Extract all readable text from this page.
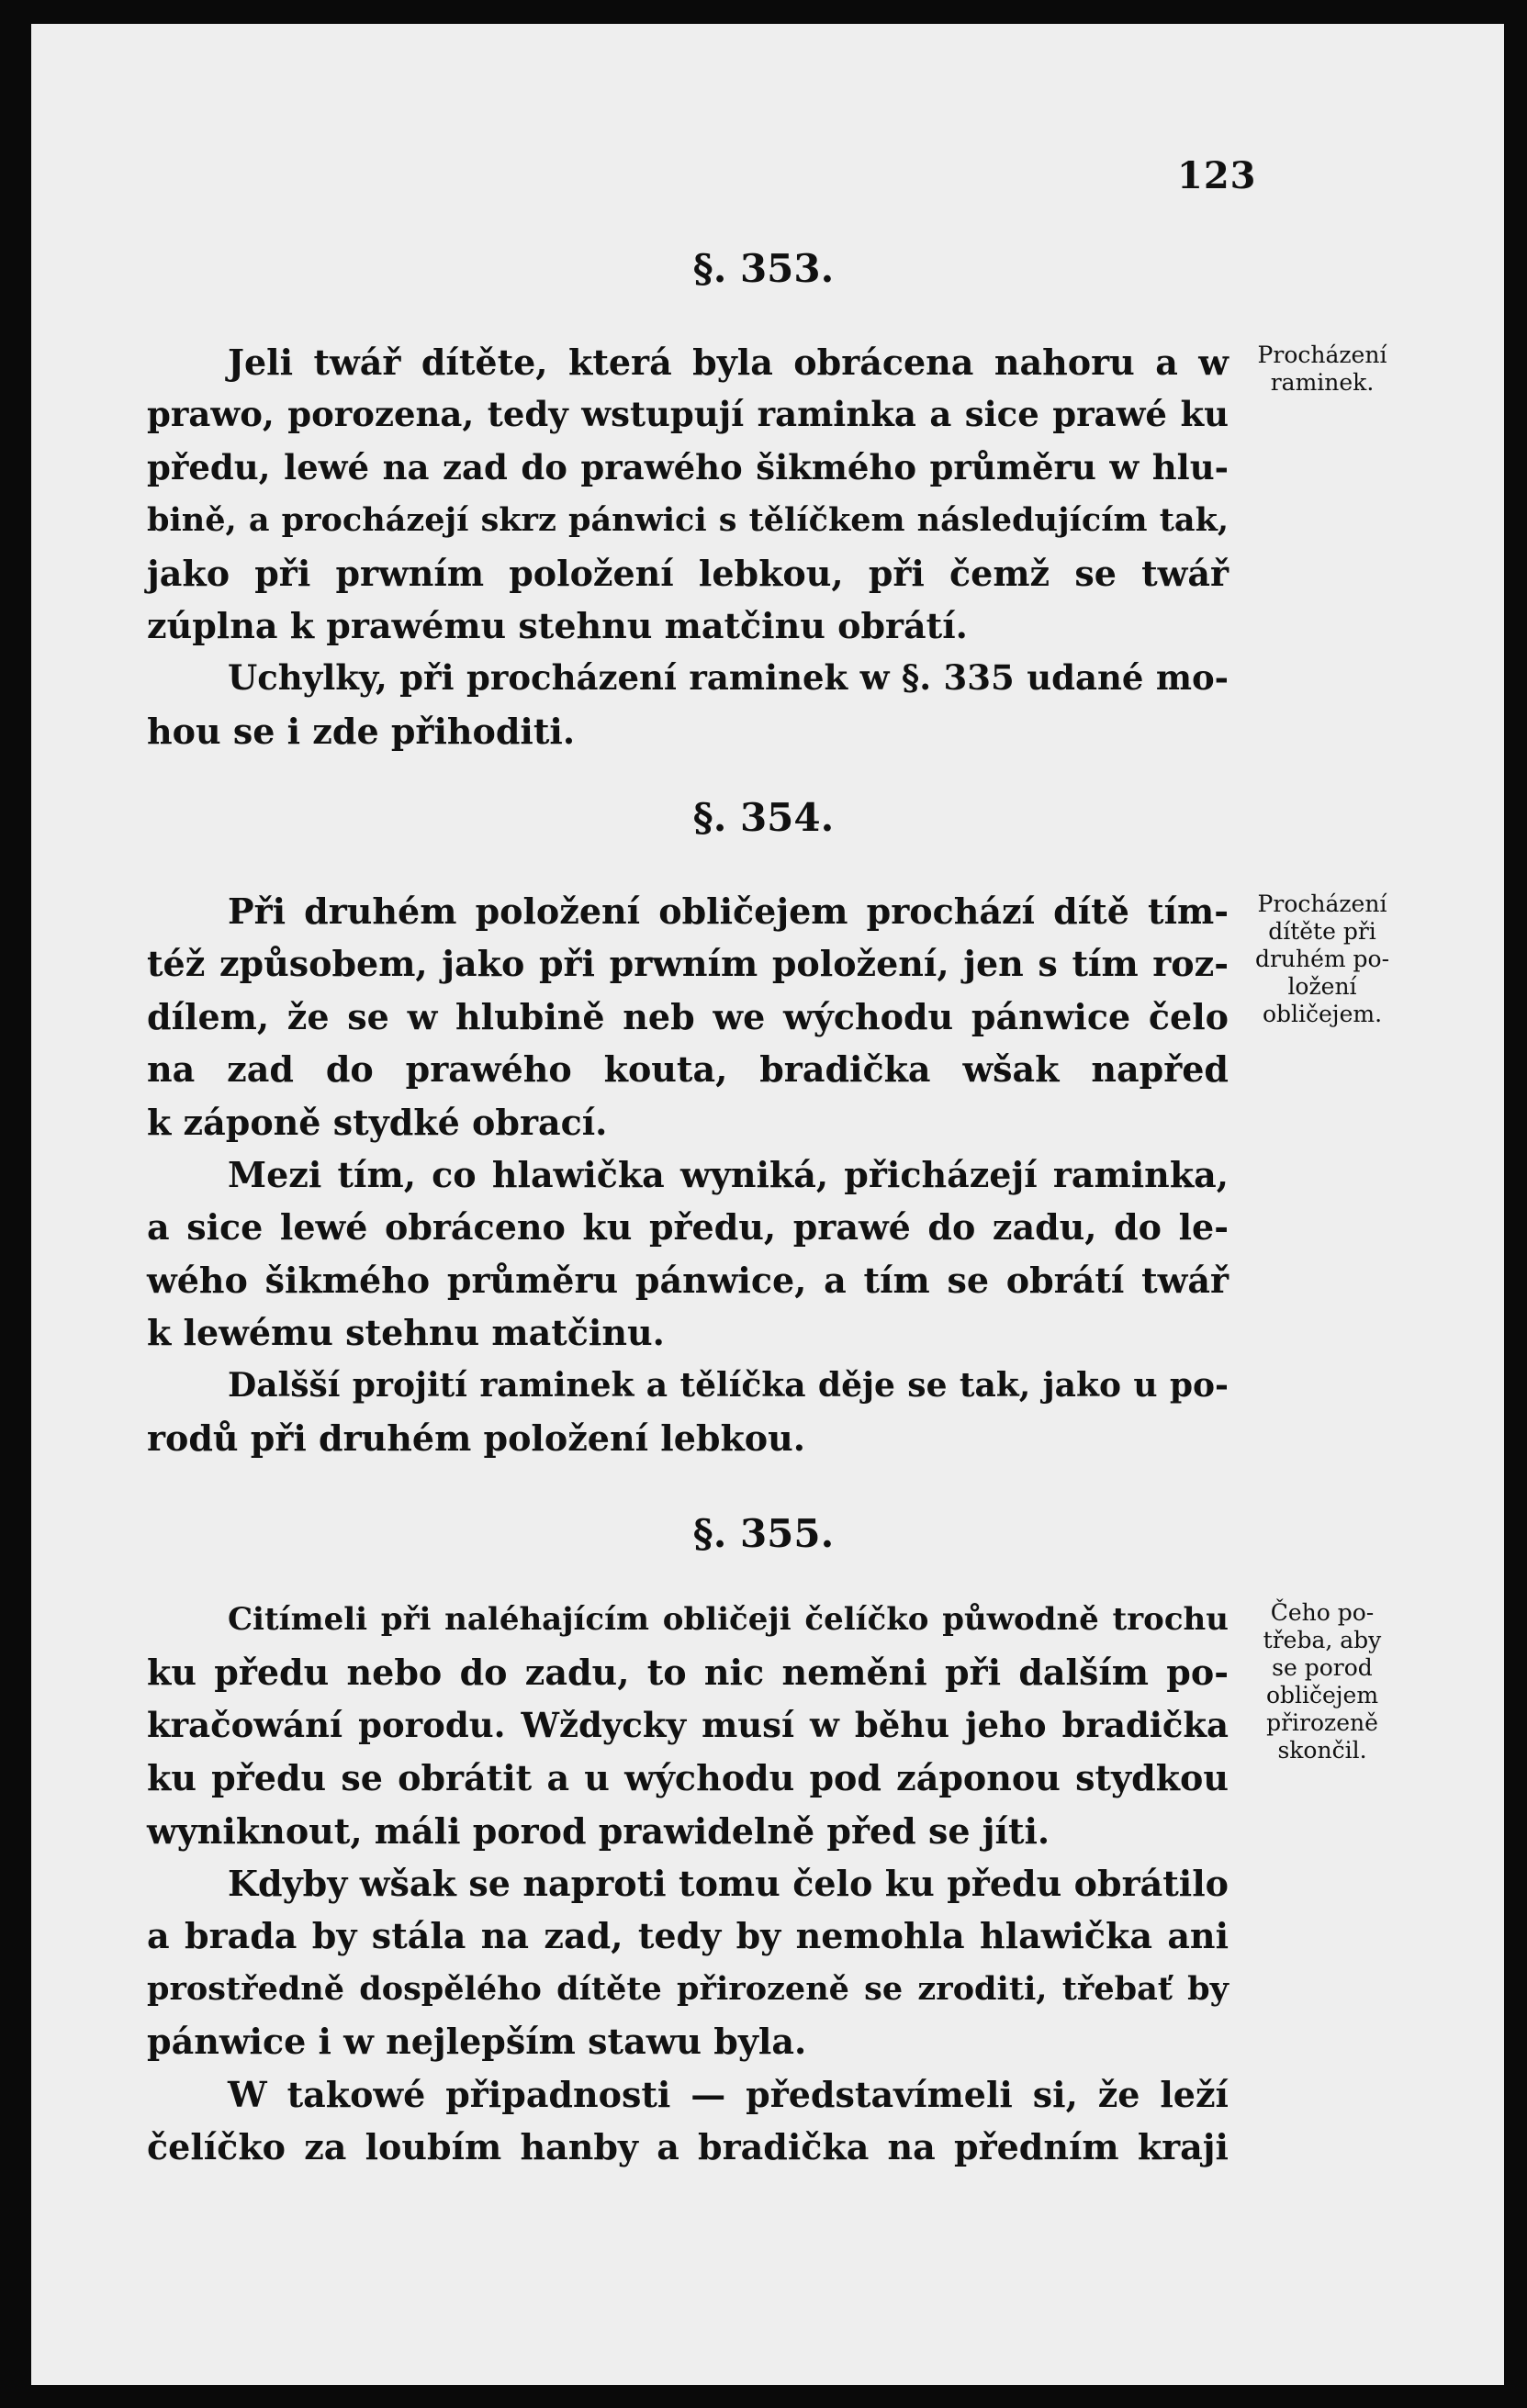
123
§. 353.
Jeli twář dítěte, která byla obrácena nahoru a w
prawo, porozena, tedy wstupují raminka a sice prawé ku
předu, lewé na zad do prawého šikmého průměru w hlu-
bině, a procházejí skrz pánwici s tělíčkem následujícím tak,
jako při prwním položení lebkou, při čemž se twář
zúplna k prawému stehnu matčinu obrátí.
Uchylky, při procházení raminek w §. 335 udané mo-
hou se i zde přihoditi.
Procházení
raminek.
§. 354.
Při druhém položení obličejem prochází dítě tím-
též způsobem, jako při prwním položení, jen s tím roz-
dílem, že se w hlubině neb we wýchodu pánwice čelo
na zad do prawého kouta, bradička wšak napřed
k záponě stydké obrací.
Mezi tím, co hlawička wyniká, přicházejí raminka,
a sice lewé obráceno ku předu, prawé do zadu, do le-
wého šikmého průměru pánwice, a tím se obrátí twář
k lewému stehnu matčinu.
Dalšší projití raminek a tělíčka děje se tak, jako u po-
rodů při druhém položení lebkou.
Procházení
dítěte při
druhém po-
ložení
obličejem.
§. 355.
Citímeli při naléhajícím obličeji čelíčko půwodně trochu
ku předu nebo do zadu, to nic neměni při dalším po-
kračowání porodu. Wždycky musí w běhu jeho bradička
ku předu se obrátit a u wýchodu pod záponou stydkou
wyniknout, máli porod prawidelně před se jíti.
Kdyby wšak se naproti tomu čelo ku předu obrátilo
a brada by stála na zad, tedy by nemohla hlawička ani
prostředně dospělého dítěte přirozeně se zroditi, třebať by
pánwice i w nejlepším stawu byla.
W takowé připadnosti — představímeli si, že leží
čelíčko za loubím hanby a bradička na předním kraji
Čeho po-
třeba, aby
se porod
obličejem
přirozeně
skončil.
